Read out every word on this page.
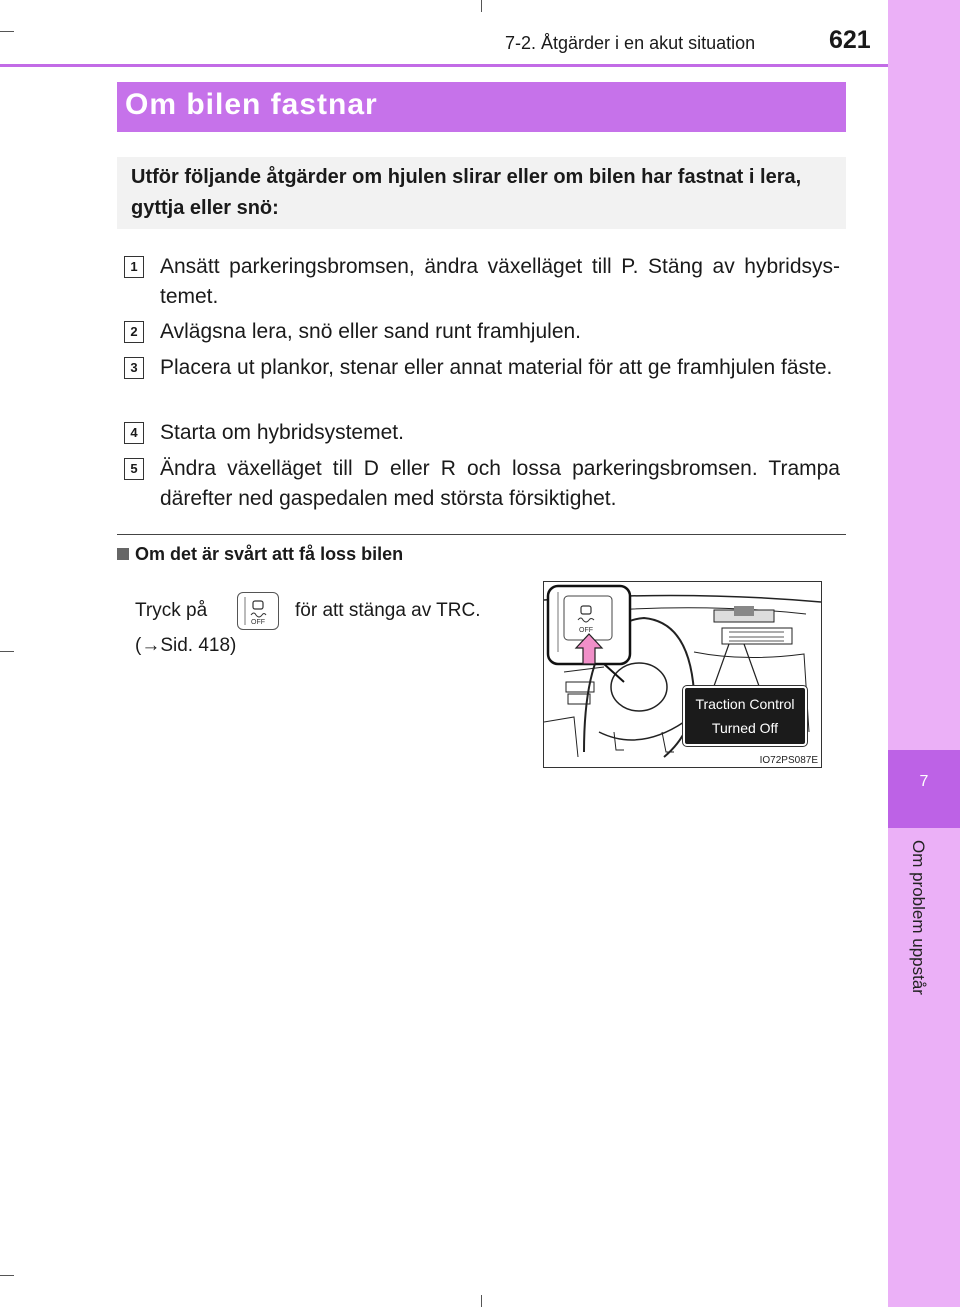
7
Om problem uppstår
7-2. Åtgärder i en akut situation	621
Om bilen fastnar

Utför följande åtgärder om hjulen slirar eller om bilen har fastnat i lera, gyttja eller snö:

1	Ansätt parkeringsbromsen, ändra växelläget till P. Stäng av hybridsys-temet.
2	Avlägsna lera, snö eller sand runt framhjulen.
3	Placera ut plankor, stenar eller annat material för att ge framhjulen fäste.
4	Starta om hybridsystemet.
5	Ändra växelläget till D eller R och lossa parkeringsbromsen. Trampa därefter ned gaspedalen med största försiktighet.
Om det är svårt att få loss bilen
Tryck på	för att stänga av TRC.
OFF
(→Sid. 418)
OFF
Traction Control
Turned Off
IO72PS087E
